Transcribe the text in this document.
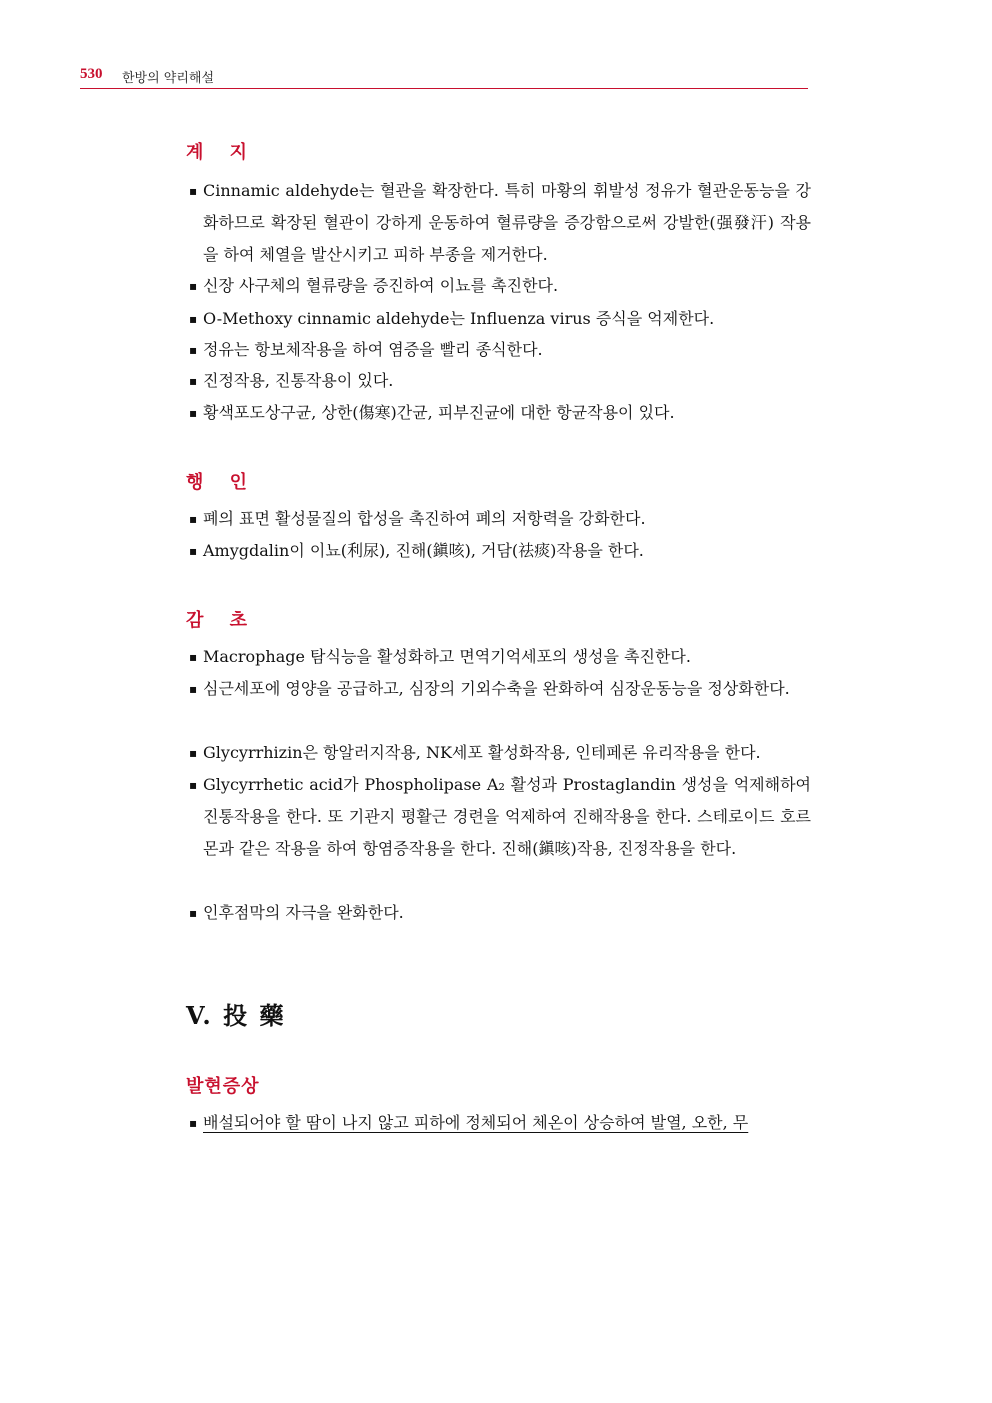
530 한방의 약리해설
계 지
▪ Cinnamic aldehyde는 혈관을 확장한다. 특히 마황의 휘발성 정유가 혈관운동능을 강화하므로 확장된 혈관이 강하게 운동하여 혈류량을 증강함으로써 강발한(强發汗) 작용을 하여 체열을 발산시키고 피하 부종을 제거한다.
▪ 신장 사구체의 혈류량을 증진하여 이뇨를 촉진한다.
▪ O-Methoxy cinnamic aldehyde는 Influenza virus 증식을 억제한다.
▪ 정유는 항보체작용을 하여 염증을 빨리 종식한다.
▪ 진정작용, 진통작용이 있다.
▪ 황색포도상구균, 상한(傷寒)간균, 피부진균에 대한 항균작용이 있다.
행 인
▪ 폐의 표면 활성물질의 합성을 촉진하여 폐의 저항력을 강화한다.
▪ Amygdalin이 이뇨(利尿), 진해(鎭咳), 거담(祛痰)작용을 한다.
감 초
▪ Macrophage 탐식능을 활성화하고 면역기억세포의 생성을 촉진한다.
▪ 심근세포에 영양을 공급하고, 심장의 기외수축을 완화하여 심장운동능을 정상화한다.
▪ Glycyrrhizin은 항알러지작용, NK세포 활성화작용, 인테페론 유리작용을 한다.
▪ Glycyrrhetic acid가 Phospholipase A₂ 활성과 Prostaglandin 생성을 억제해하여 진통작용을 한다. 또 기관지 평활근 경련을 억제하여 진해작용을 한다. 스테로이드 호르몬과 같은 작용을 하여 항염증작용을 한다. 진해(鎭咳)작용, 진정작용을 한다.
▪ 인후점막의 자극을 완화한다.
V. 投 藥
발현증상
▪ 배설되어야 할 땀이 나지 않고 피하에 정체되어 체온이 상승하여 발열, 오한, 무
